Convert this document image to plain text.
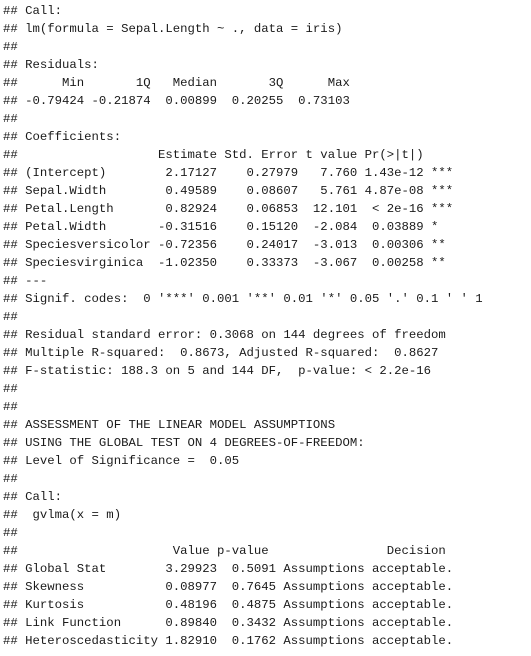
## Call:
## lm(formula = Sepal.Length ~ ., data = iris)
##
## Residuals:
##      Min       1Q   Median       3Q      Max
## -0.79424 -0.21874  0.00899  0.20255  0.73103
##
## Coefficients:
##                   Estimate Std. Error t value Pr(>|t|)
## (Intercept)        2.17127    0.27979   7.760 1.43e-12 ***
## Sepal.Width        0.49589    0.08607   5.761 4.87e-08 ***
## Petal.Length       0.82924    0.06853  12.101  < 2e-16 ***
## Petal.Width       -0.31516    0.15120  -2.084  0.03889 *
## Speciesversicolor -0.72356    0.24017  -3.013  0.00306 **
## Speciesvirginica  -1.02350    0.33373  -3.067  0.00258 **
## ---
## Signif. codes:  0 '***' 0.001 '**' 0.01 '*' 0.05 '.' 0.1 ' ' 1
##
## Residual standard error: 0.3068 on 144 degrees of freedom
## Multiple R-squared:  0.8673, Adjusted R-squared:  0.8627
## F-statistic: 188.3 on 5 and 144 DF,  p-value: < 2.2e-16
##
##
## ASSESSMENT OF THE LINEAR MODEL ASSUMPTIONS
## USING THE GLOBAL TEST ON 4 DEGREES-OF-FREEDOM:
## Level of Significance =  0.05
##
## Call:
##  gvlma(x = m)
##
##                     Value p-value                Decision
## Global Stat        3.29923  0.5091 Assumptions acceptable.
## Skewness           0.08977  0.7645 Assumptions acceptable.
## Kurtosis           0.48196  0.4875 Assumptions acceptable.
## Link Function      0.89840  0.3432 Assumptions acceptable.
## Heteroscedasticity 1.82910  0.1762 Assumptions acceptable.
